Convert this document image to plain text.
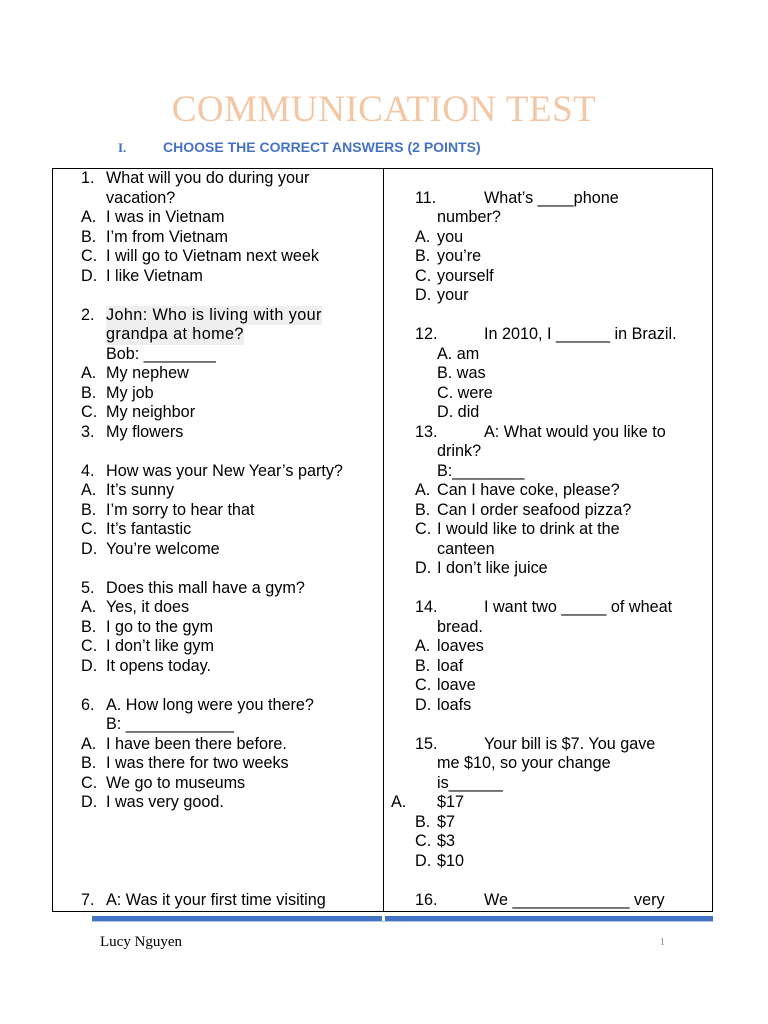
COMMUNICATION TEST
I.	CHOOSE THE CORRECT ANSWERS (2 POINTS)
1. What will you do during your
vacation?
A. I was in Vietnam
B. I’m from Vietnam
C. I will go to Vietnam next week
D. I like Vietnam
2. John: Who is living with your
grandpa at home?
Bob: ________
A. My nephew
B. My job
C. My neighbor
3. My flowers
4. How was your New Year’s party?
A. It’s sunny
B. I’m sorry to hear that
C. It’s fantastic
D. You’re welcome
5. Does this mall have a gym?
A. Yes, it does
B. I go to the gym
C. I don’t like gym
D. It opens today.
6. A. How long were you there?
B: ____________
A. I have been there before.
B. I was there for two weeks
C. We go to museums
D. I was very good.
7. A: Was it your first time visiting
11.	What’s ____phone
number?
A. you
B. you’re
C. yourself
D. your
12.	In 2010, I ______ in Brazil.
A. am
B. was
C. were
D. did
13.	A: What would you like to
drink?
B:________
A. Can I have coke, please?
B. Can I order seafood pizza?
C. I would like to drink at the
canteen
D. I don’t like juice
14.	I want two _____ of wheat
bread.
A. loaves
B. loaf
C. loave
D. loafs
15.	Your bill is $7. You gave
me $10, so your change
is______
A. $17
B. $7
C. $3
D. $10
16.	We _____________ very
Lucy Nguyen	1
